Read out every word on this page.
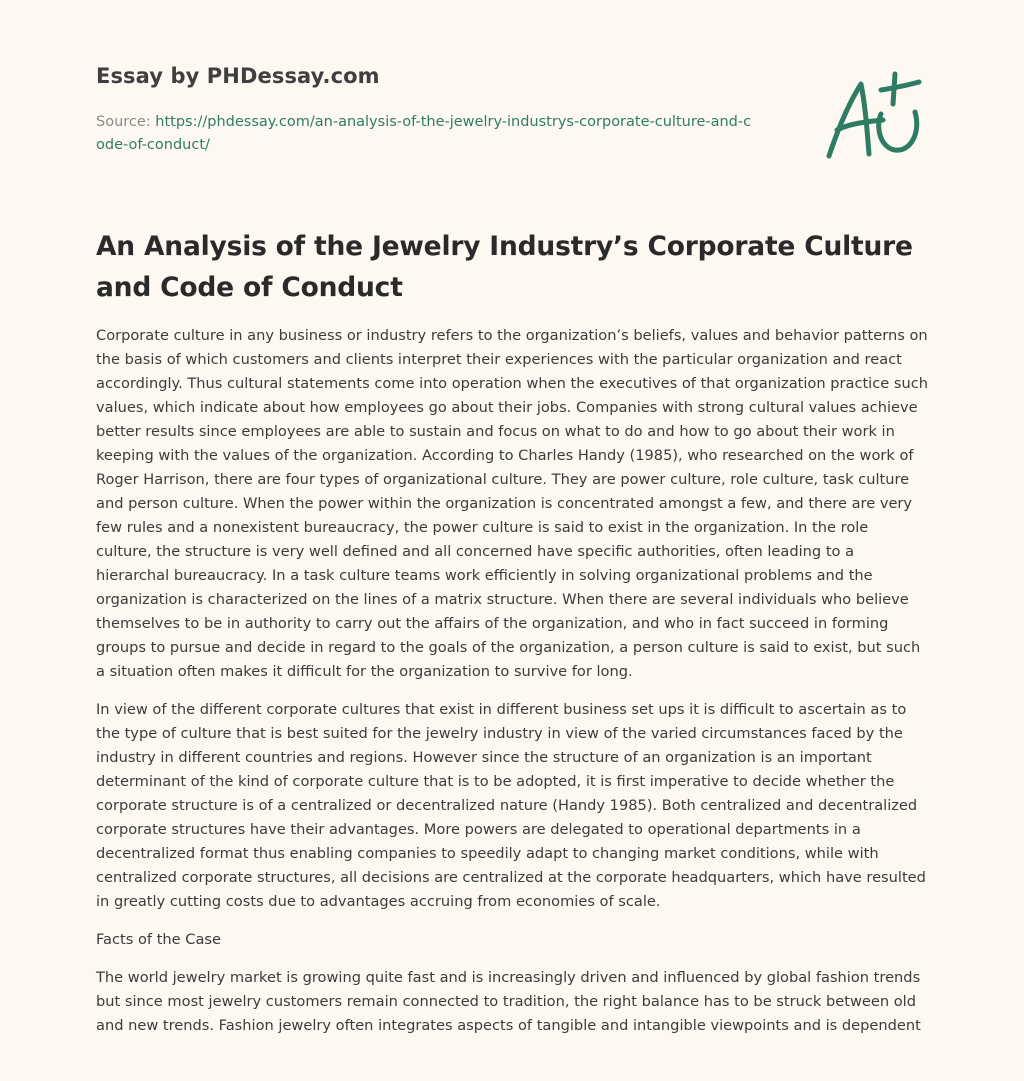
Essay by PHDessay.com

Source: https://phdessay.com/an-analysis-of-the-jewelry-industrys-corporate-culture-and-code-of-conduct/

An Analysis of the Jewelry Industry’s Corporate Culture and Code of Conduct

Corporate culture in any business or industry refers to the organization’s beliefs, values and behavior patterns on the basis of which customers and clients interpret their experiences with the particular organization and react accordingly. Thus cultural statements come into operation when the executives of that organization practice such values, which indicate about how employees go about their jobs. Companies with strong cultural values achieve better results since employees are able to sustain and focus on what to do and how to go about their work in keeping with the values of the organization. According to Charles Handy (1985), who researched on the work of Roger Harrison, there are four types of organizational culture. They are power culture, role culture, task culture and person culture. When the power within the organization is concentrated amongst a few, and there are very few rules and a nonexistent bureaucracy, the power culture is said to exist in the organization. In the role culture, the structure is very well defined and all concerned have specific authorities, often leading to a hierarchal bureaucracy. In a task culture teams work efficiently in solving organizational problems and the organization is characterized on the lines of a matrix structure. When there are several individuals who believe themselves to be in authority to carry out the affairs of the organization, and who in fact succeed in forming groups to pursue and decide in regard to the goals of the organization, a person culture is said to exist, but such a situation often makes it difficult for the organization to survive for long.

In view of the different corporate cultures that exist in different business set ups it is difficult to ascertain as to the type of culture that is best suited for the jewelry industry in view of the varied circumstances faced by the industry in different countries and regions. However since the structure of an organization is an important determinant of the kind of corporate culture that is to be adopted, it is first imperative to decide whether the corporate structure is of a centralized or decentralized nature (Handy 1985). Both centralized and decentralized corporate structures have their advantages. More powers are delegated to operational departments in a decentralized format thus enabling companies to speedily adapt to changing market conditions, while with centralized corporate structures, all decisions are centralized at the corporate headquarters, which have resulted in greatly cutting costs due to advantages accruing from economies of scale.

Facts of the Case

The world jewelry market is growing quite fast and is increasingly driven and influenced by global fashion trends but since most jewelry customers remain connected to tradition, the right balance has to be struck between old and new trends. Fashion jewelry often integrates aspects of tangible and intangible viewpoints and is dependent
